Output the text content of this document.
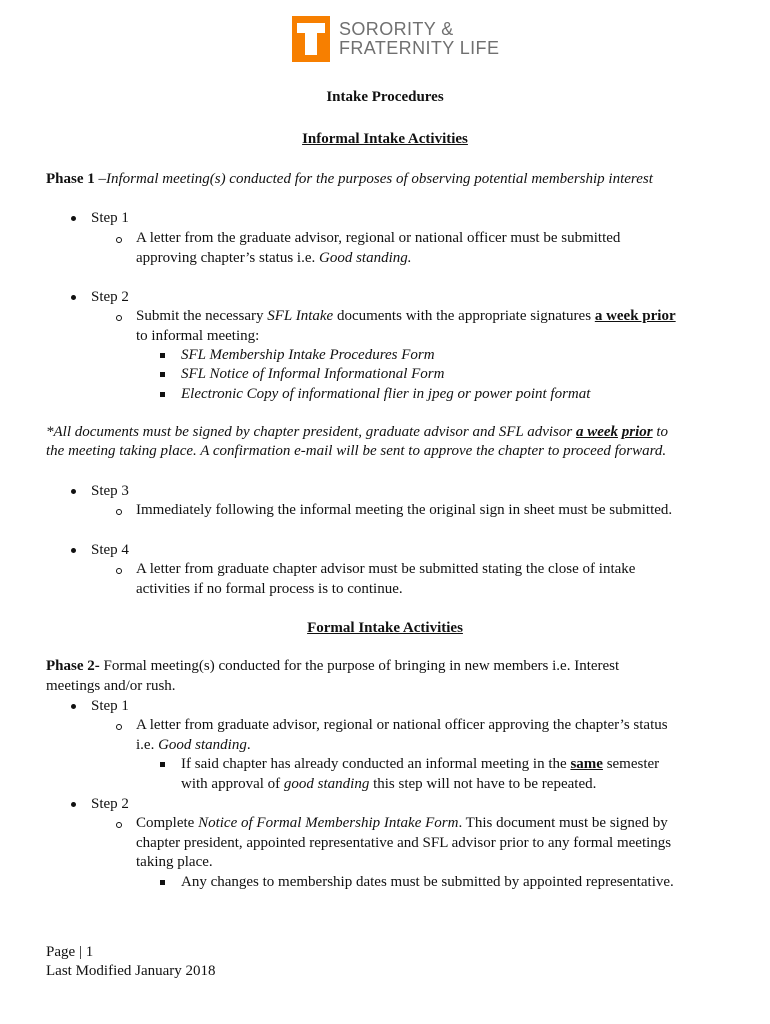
SORORITY &
FRATERNITY LIFE
Intake Procedures
Informal Intake Activities
Phase 1 –Informal meeting(s) conducted for the purposes of observing potential membership interest
Step 1
A letter from the graduate advisor, regional or national officer must be submitted
approving chapter’s status i.e. Good standing.
Step 2
Submit the necessary SFL Intake documents with the appropriate signatures a week prior
to informal meeting:
SFL Membership Intake Procedures Form
SFL Notice of Informal Informational Form
Electronic Copy of informational flier in jpeg or power point format
*All documents must be signed by chapter president, graduate advisor and SFL advisor a week prior to
the meeting taking place. A confirmation e-mail will be sent to approve the chapter to proceed forward.
Step 3
Immediately following the informal meeting the original sign in sheet must be submitted.
Step 4
A letter from graduate chapter advisor must be submitted stating the close of intake
activities if no formal process is to continue.
Formal Intake Activities
Phase 2- Formal meeting(s) conducted for the purpose of bringing in new members i.e. Interest
meetings and/or rush.
Step 1
A letter from graduate advisor, regional or national officer approving the chapter’s status
i.e. Good standing.
If said chapter has already conducted an informal meeting in the same semester
with approval of good standing this step will not have to be repeated.
Step 2
Complete Notice of Formal Membership Intake Form. This document must be signed by
chapter president, appointed representative and SFL advisor prior to any formal meetings
taking place.
Any changes to membership dates must be submitted by appointed representative.
Page | 1
Last Modified January 2018
